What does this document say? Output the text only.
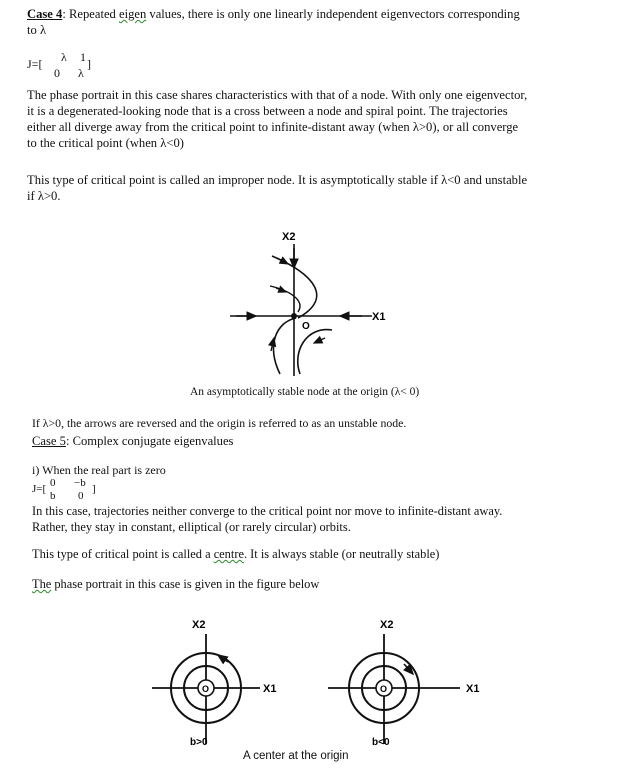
Case 4: Repeated eigen values, there is only one linearly independent eigenvectors corresponding

to λ

J=[ λ 1 ]
0 λ

The phase portrait in this case shares characteristics with that of a node. With only one eigenvector,

it is a degenerated-looking node that is a cross between a node and spiral point. The trajectories

either all diverge away from the critical point to infinite-distant away (when λ>0), or all converge

to the critical point (when λ<0)

This type of critical point is called an improper node. It is asymptotically stable if λ<0 and unstable

if λ>0.

X2
X1
O

An asymptotically stable node at the origin (λ< 0)

If λ>0, the arrows are reversed and the origin is referred to as an unstable node.

Case 5: Complex conjugate eigenvalues

i) When the real part is zero

J=[ 0 −b ]
b 0

In this case, trajectories neither converge to the critical point nor move to infinite-distant away.

Rather, they stay in constant, elliptical (or rarely circular) orbits.

This type of critical point is called a centre. It is always stable (or neutrally stable)

The phase portrait in this case is given in the figure below

X2
X1
O
b>0
X2
X1
O
b<0

A center at the origin
